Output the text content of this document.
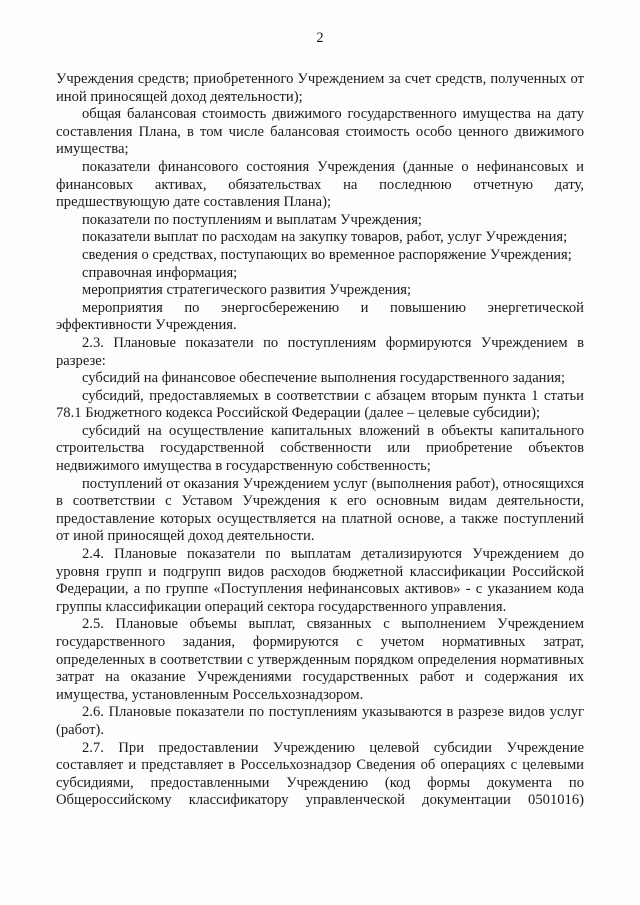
2

Учреждения средств; приобретенного Учреждением за счет средств, полученных от иной приносящей доход деятельности);

общая балансовая стоимость движимого государственного имущества на дату составления Плана, в том числе балансовая стоимость особо ценного движимого имущества;

показатели финансового состояния Учреждения (данные о нефинансовых и финансовых активах, обязательствах на последнюю отчетную дату, предшествующую дате составления Плана);

показатели по поступлениям и выплатам Учреждения;

показатели выплат по расходам на закупку товаров, работ, услуг Учреждения;

сведения о средствах, поступающих во временное распоряжение Учреждения;

справочная информация;

мероприятия стратегического развития Учреждения;

мероприятия по энергосбережению и повышению энергетической эффективности Учреждения.

2.3. Плановые показатели по поступлениям формируются Учреждением в разрезе:

субсидий на финансовое обеспечение выполнения государственного задания;

субсидий, предоставляемых в соответствии с абзацем вторым пункта 1 статьи 78.1 Бюджетного кодекса Российской Федерации (далее – целевые субсидии);

субсидий на осуществление капитальных вложений в объекты капитального строительства государственной собственности или приобретение объектов недвижимого имущества в государственную собственность;

поступлений от оказания Учреждением услуг (выполнения работ), относящихся в соответствии с Уставом Учреждения к его основным видам деятельности, предоставление которых осуществляется на платной основе, а также поступлений от иной приносящей доход деятельности.

2.4. Плановые показатели по выплатам детализируются Учреждением до уровня групп и подгрупп видов расходов бюджетной классификации Российской Федерации, а по группе «Поступления нефинансовых активов» - с указанием кода группы классификации операций сектора государственного управления.

2.5. Плановые объемы выплат, связанных с выполнением Учреждением государственного задания, формируются с учетом нормативных затрат, определенных в соответствии с утвержденным порядком определения нормативных затрат на оказание Учреждениями государственных работ и содержания их имущества, установленным Россельхознадзором.

2.6. Плановые показатели по поступлениям указываются в разрезе видов услуг (работ).

2.7. При предоставлении Учреждению целевой субсидии Учреждение составляет и представляет в Россельхознадзор Сведения об операциях с целевыми субсидиями, предоставленными Учреждению (код формы документа по Общероссийскому классификатору управленческой документации 0501016)
